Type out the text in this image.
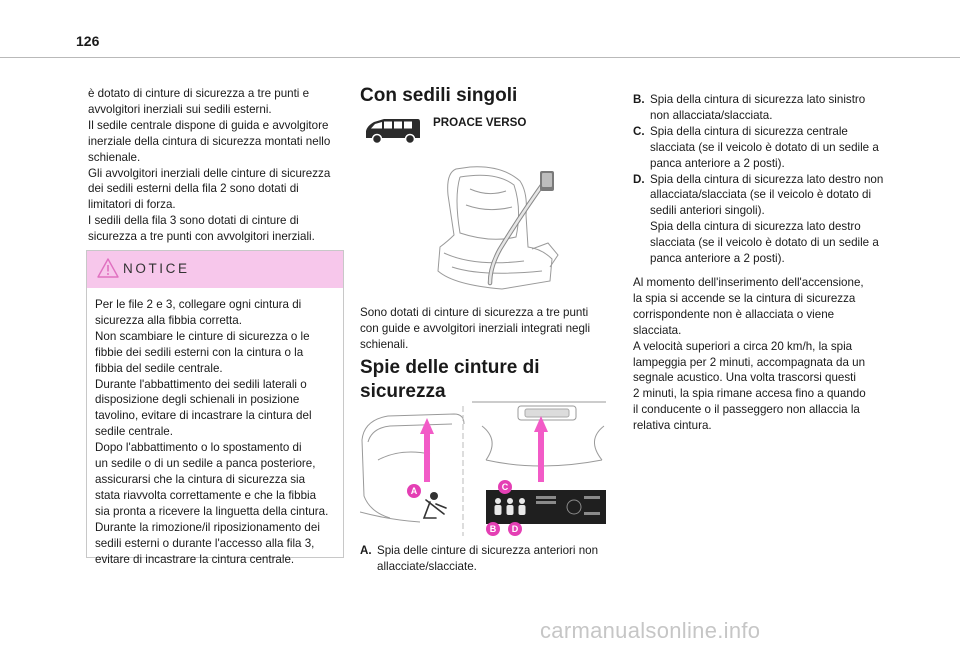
126

è dotato di cinture di sicurezza a tre punti e
avvolgitori inerziali sui sedili esterni.
Il sedile centrale dispone di guida e avvolgitore
inerziale della cintura di sicurezza montati nello
schienale.
Gli avvolgitori inerziali delle cinture di sicurezza
dei sedili esterni della fila 2 sono dotati di
limitatori di forza.
I sedili della fila 3 sono dotati di cinture di
sicurezza a tre punti con avvolgitori inerziali.

NOTICE

Per le file 2 e 3, collegare ogni cintura di
sicurezza alla fibbia corretta.
Non scambiare le cinture di sicurezza o le
fibbie dei sedili esterni con la cintura o la
fibbia del sedile centrale.
Durante l'abbattimento dei sedili laterali o
disposizione degli schienali in posizione
tavolino, evitare di incastrare la cintura del
sedile centrale.
Dopo l'abbattimento o lo spostamento di
un sedile o di un sedile a panca posteriore,
assicurarsi che la cintura di sicurezza sia
stata riavvolta correttamente e che la fibbia
sia pronta a ricevere la linguetta della cintura.
Durante la rimozione/il riposizionamento dei
sedili esterni o durante l'accesso alla fila 3,
evitare di incastrare la cintura centrale.

Con sedili singoli
PROACE VERSO

Sono dotati di cinture di sicurezza a tre punti
con guide e avvolgitori inerziali integrati negli
schienali.

Spie delle cinture di
sicurezza
A	C
B	D
A. Spia delle cinture di sicurezza anteriori non
allacciate/slacciate.
B. Spia della cintura di sicurezza lato sinistro
non allacciata/slacciata.
C. Spia della cintura di sicurezza centrale
slacciata (se il veicolo è dotato di un sedile a
panca anteriore a 2 posti).
D. Spia della cintura di sicurezza lato destro non
allacciata/slacciata (se il veicolo è dotato di
sedili anteriori singoli).
Spia della cintura di sicurezza lato destro
slacciata (se il veicolo è dotato di un sedile a
panca anteriore a 2 posti).

Al momento dell'inserimento dell'accensione,
la spia si accende se la cintura di sicurezza
corrispondente non è allacciata o viene
slacciata.
A velocità superiori a circa 20 km/h, la spia
lampeggia per 2 minuti, accompagnata da un
segnale acustico. Una volta trascorsi questi
2 minuti, la spia rimane accesa fino a quando
il conducente o il passeggero non allaccia la
relativa cintura.

carmanualsonline.info
